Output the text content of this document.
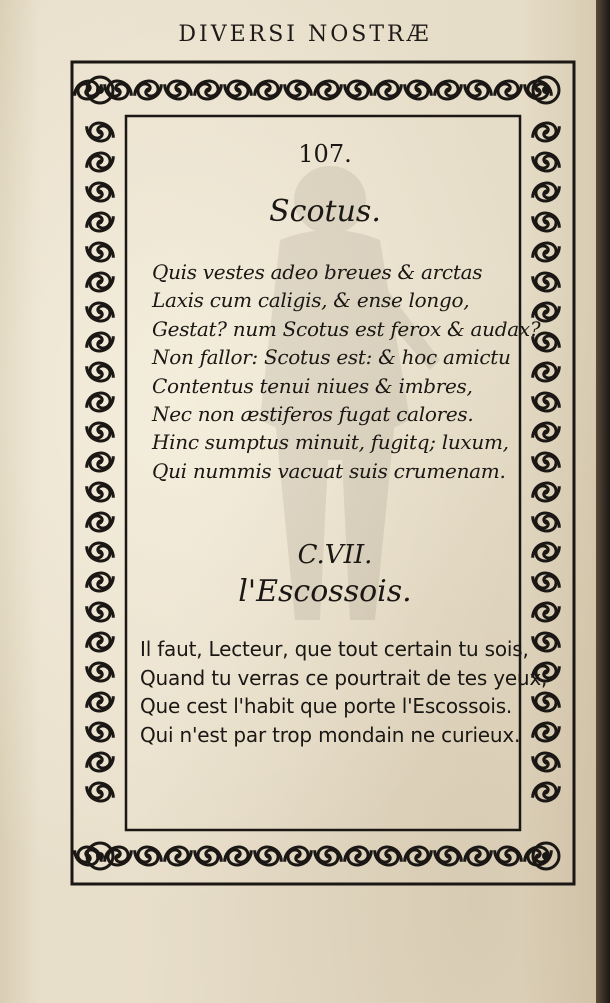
DIVERSI NOSTRÆ
107.
Scotus.
Quis vestes adeo breues & arctas
Laxis cum caligis, & ense longo,
Gestat? num Scotus est ferox & audax?
Non fallor: Scotus est: & hoc amictu
Contentus tenui niues & imbres,
Nec non æstiferos fugat calores.
Hinc sumptus minuit, fugitq; luxum,
Qui nummis vacuat suis crumenam.
C.VII.
l'Escossois.
Il faut, Lecteur, que tout certain tu sois,
Quand tu verras ce pourtrait de tes yeux,
Que cest l'habit que porte l'Escossois.
Qui n'est par trop mondain ne curieux.
